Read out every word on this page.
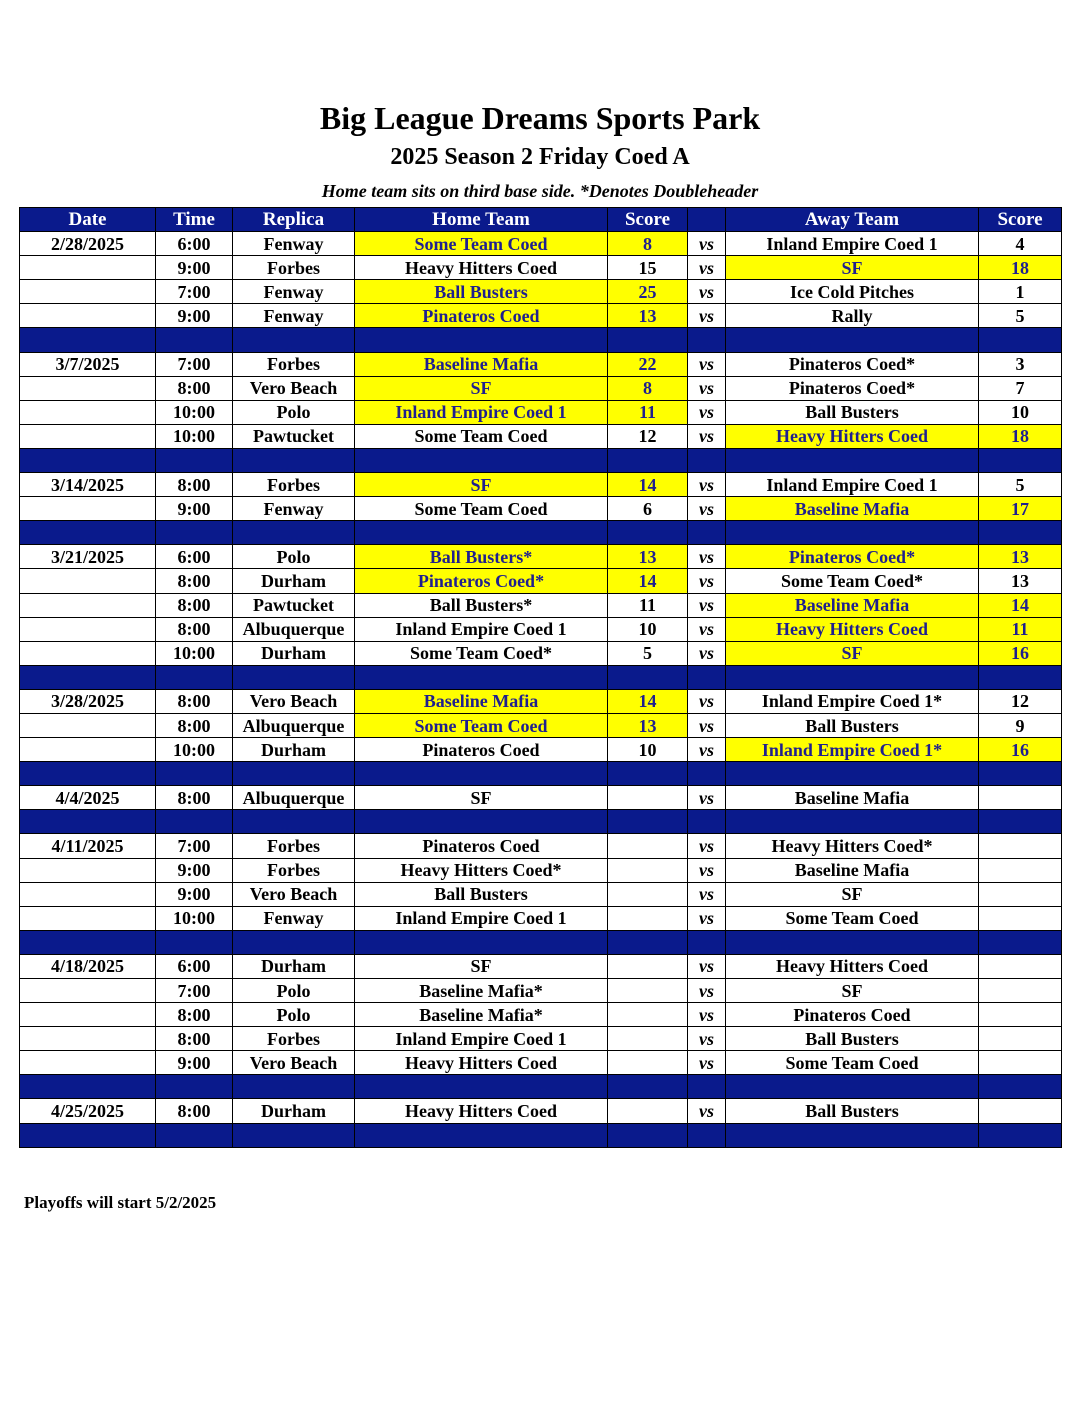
Big League Dreams Sports Park
2025 Season 2 Friday Coed A
Home team sits on third base side. *Denotes Doubleheader
Date	Time	Replica	Home Team	Score		Away Team	Score
2/28/2025	6:00	Fenway	Some Team Coed	8	vs	Inland Empire Coed 1	4
	9:00	Forbes	Heavy Hitters Coed	15	vs	SF	18
	7:00	Fenway	Ball Busters	25	vs	Ice Cold Pitches	1
	9:00	Fenway	Pinateros Coed	13	vs	Rally	5

3/7/2025	7:00	Forbes	Baseline Mafia	22	vs	Pinateros Coed*	3
	8:00	Vero Beach	SF	8	vs	Pinateros Coed*	7
	10:00	Polo	Inland Empire Coed 1	11	vs	Ball Busters	10
	10:00	Pawtucket	Some Team Coed	12	vs	Heavy Hitters Coed	18

3/14/2025	8:00	Forbes	SF	14	vs	Inland Empire Coed 1	5
	9:00	Fenway	Some Team Coed	6	vs	Baseline Mafia	17

3/21/2025	6:00	Polo	Ball Busters*	13	vs	Pinateros Coed*	13
	8:00	Durham	Pinateros Coed*	14	vs	Some Team Coed*	13
	8:00	Pawtucket	Ball Busters*	11	vs	Baseline Mafia	14
	8:00	Albuquerque	Inland Empire Coed 1	10	vs	Heavy Hitters Coed	11
	10:00	Durham	Some Team Coed*	5	vs	SF	16

3/28/2025	8:00	Vero Beach	Baseline Mafia	14	vs	Inland Empire Coed 1*	12
	8:00	Albuquerque	Some Team Coed	13	vs	Ball Busters	9
	10:00	Durham	Pinateros Coed	10	vs	Inland Empire Coed 1*	16

4/4/2025	8:00	Albuquerque	SF		vs	Baseline Mafia	

4/11/2025	7:00	Forbes	Pinateros Coed		vs	Heavy Hitters Coed*	
	9:00	Forbes	Heavy Hitters Coed*		vs	Baseline Mafia	
	9:00	Vero Beach	Ball Busters		vs	SF	
	10:00	Fenway	Inland Empire Coed 1		vs	Some Team Coed	

4/18/2025	6:00	Durham	SF		vs	Heavy Hitters Coed	
	7:00	Polo	Baseline Mafia*		vs	SF	
	8:00	Polo	Baseline Mafia*		vs	Pinateros Coed	
	8:00	Forbes	Inland Empire Coed 1		vs	Ball Busters	
	9:00	Vero Beach	Heavy Hitters Coed		vs	Some Team Coed	

4/25/2025	8:00	Durham	Heavy Hitters Coed		vs	Ball Busters	

Playoffs will start 5/2/2025
